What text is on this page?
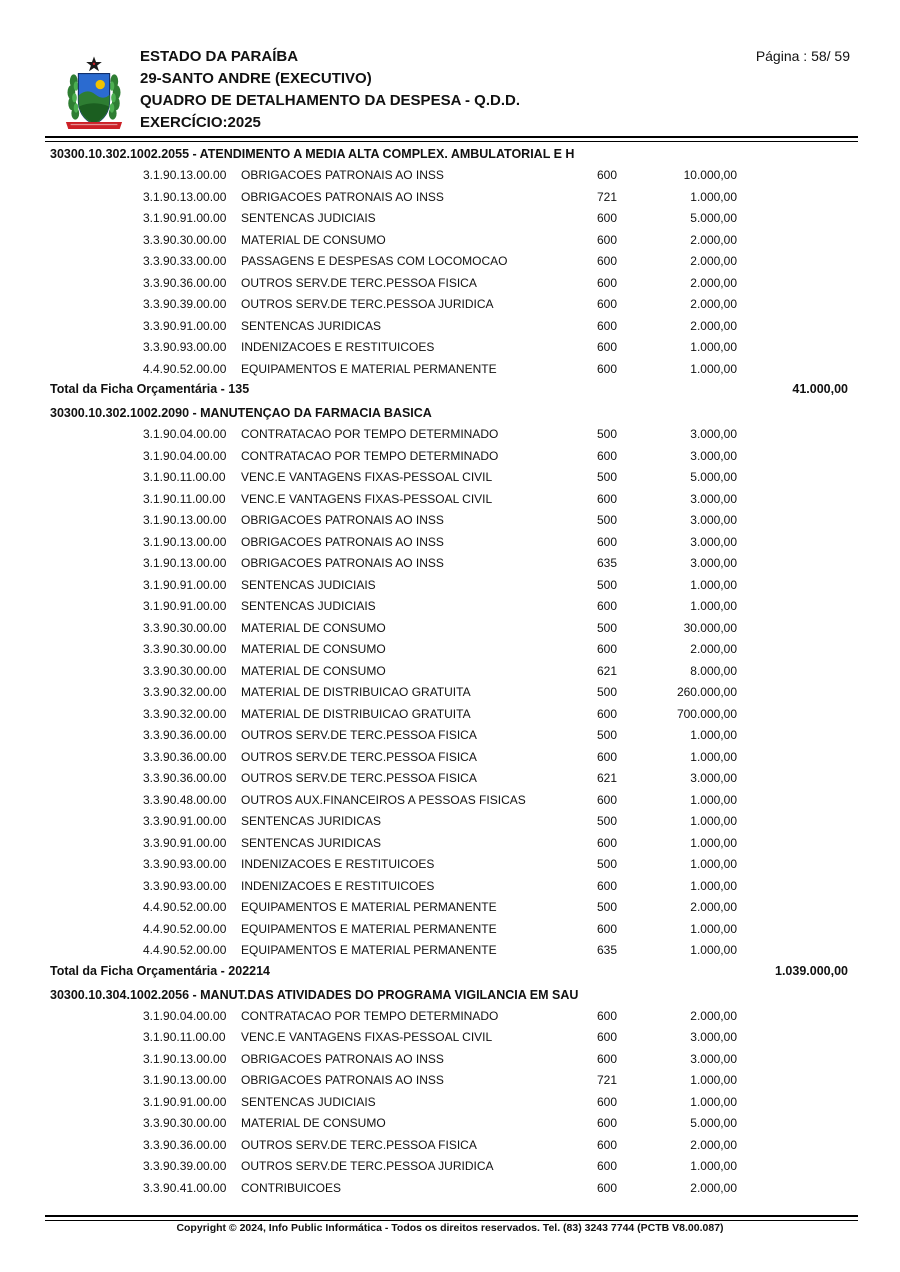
ESTADO DA PARAÍBA
29-SANTO ANDRE (EXECUTIVO)
QUADRO DE DETALHAMENTO DA DESPESA - Q.D.D.
EXERCÍCIO:2025
Página : 58/ 59
30300.10.302.1002.2055 - ATENDIMENTO A MEDIA ALTA COMPLEX. AMBULATORIAL E H
3.1.90.13.00.00 OBRIGACOES PATRONAIS AO INSS	600	10.000,00
3.1.90.13.00.00 OBRIGACOES PATRONAIS AO INSS	721	1.000,00
3.1.90.91.00.00 SENTENCAS JUDICIAIS	600	5.000,00
3.3.90.30.00.00 MATERIAL DE CONSUMO	600	2.000,00
3.3.90.33.00.00 PASSAGENS E DESPESAS COM LOCOMOCAO	600	2.000,00
3.3.90.36.00.00 OUTROS SERV.DE TERC.PESSOA FISICA	600	2.000,00
3.3.90.39.00.00 OUTROS SERV.DE TERC.PESSOA JURIDICA	600	2.000,00
3.3.90.91.00.00 SENTENCAS JURIDICAS	600	2.000,00
3.3.90.93.00.00 INDENIZACOES E RESTITUICOES	600	1.000,00
4.4.90.52.00.00 EQUIPAMENTOS E MATERIAL PERMANENTE	600	1.000,00
Total da Ficha Orçamentária - 135	41.000,00
30300.10.302.1002.2090 - MANUTENÇAO DA FARMACIA BASICA
3.1.90.04.00.00 CONTRATACAO POR TEMPO DETERMINADO	500	3.000,00
3.1.90.04.00.00 CONTRATACAO POR TEMPO DETERMINADO	600	3.000,00
3.1.90.11.00.00 VENC.E VANTAGENS FIXAS-PESSOAL CIVIL	500	5.000,00
3.1.90.11.00.00 VENC.E VANTAGENS FIXAS-PESSOAL CIVIL	600	3.000,00
3.1.90.13.00.00 OBRIGACOES PATRONAIS AO INSS	500	3.000,00
3.1.90.13.00.00 OBRIGACOES PATRONAIS AO INSS	600	3.000,00
3.1.90.13.00.00 OBRIGACOES PATRONAIS AO INSS	635	3.000,00
3.1.90.91.00.00 SENTENCAS JUDICIAIS	500	1.000,00
3.1.90.91.00.00 SENTENCAS JUDICIAIS	600	1.000,00
3.3.90.30.00.00 MATERIAL DE CONSUMO	500	30.000,00
3.3.90.30.00.00 MATERIAL DE CONSUMO	600	2.000,00
3.3.90.30.00.00 MATERIAL DE CONSUMO	621	8.000,00
3.3.90.32.00.00 MATERIAL DE DISTRIBUICAO GRATUITA	500	260.000,00
3.3.90.32.00.00 MATERIAL DE DISTRIBUICAO GRATUITA	600	700.000,00
3.3.90.36.00.00 OUTROS SERV.DE TERC.PESSOA FISICA	500	1.000,00
3.3.90.36.00.00 OUTROS SERV.DE TERC.PESSOA FISICA	600	1.000,00
3.3.90.36.00.00 OUTROS SERV.DE TERC.PESSOA FISICA	621	3.000,00
3.3.90.48.00.00 OUTROS AUX.FINANCEIROS A PESSOAS FISICAS	600	1.000,00
3.3.90.91.00.00 SENTENCAS JURIDICAS	500	1.000,00
3.3.90.91.00.00 SENTENCAS JURIDICAS	600	1.000,00
3.3.90.93.00.00 INDENIZACOES E RESTITUICOES	500	1.000,00
3.3.90.93.00.00 INDENIZACOES E RESTITUICOES	600	1.000,00
4.4.90.52.00.00 EQUIPAMENTOS E MATERIAL PERMANENTE	500	2.000,00
4.4.90.52.00.00 EQUIPAMENTOS E MATERIAL PERMANENTE	600	1.000,00
4.4.90.52.00.00 EQUIPAMENTOS E MATERIAL PERMANENTE	635	1.000,00
Total da Ficha Orçamentária - 202214	1.039.000,00
30300.10.304.1002.2056 - MANUT.DAS ATIVIDADES DO PROGRAMA VIGILANCIA EM SAU
3.1.90.04.00.00 CONTRATACAO POR TEMPO DETERMINADO	600	2.000,00
3.1.90.11.00.00 VENC.E VANTAGENS FIXAS-PESSOAL CIVIL	600	3.000,00
3.1.90.13.00.00 OBRIGACOES PATRONAIS AO INSS	600	3.000,00
3.1.90.13.00.00 OBRIGACOES PATRONAIS AO INSS	721	1.000,00
3.1.90.91.00.00 SENTENCAS JUDICIAIS	600	1.000,00
3.3.90.30.00.00 MATERIAL DE CONSUMO	600	5.000,00
3.3.90.36.00.00 OUTROS SERV.DE TERC.PESSOA FISICA	600	2.000,00
3.3.90.39.00.00 OUTROS SERV.DE TERC.PESSOA JURIDICA	600	1.000,00
3.3.90.41.00.00 CONTRIBUICOES	600	2.000,00
Copyright © 2024, Info Public Informática - Todos os direitos reservados. Tel. (83) 3243 7744 (PCTB V8.00.087)
